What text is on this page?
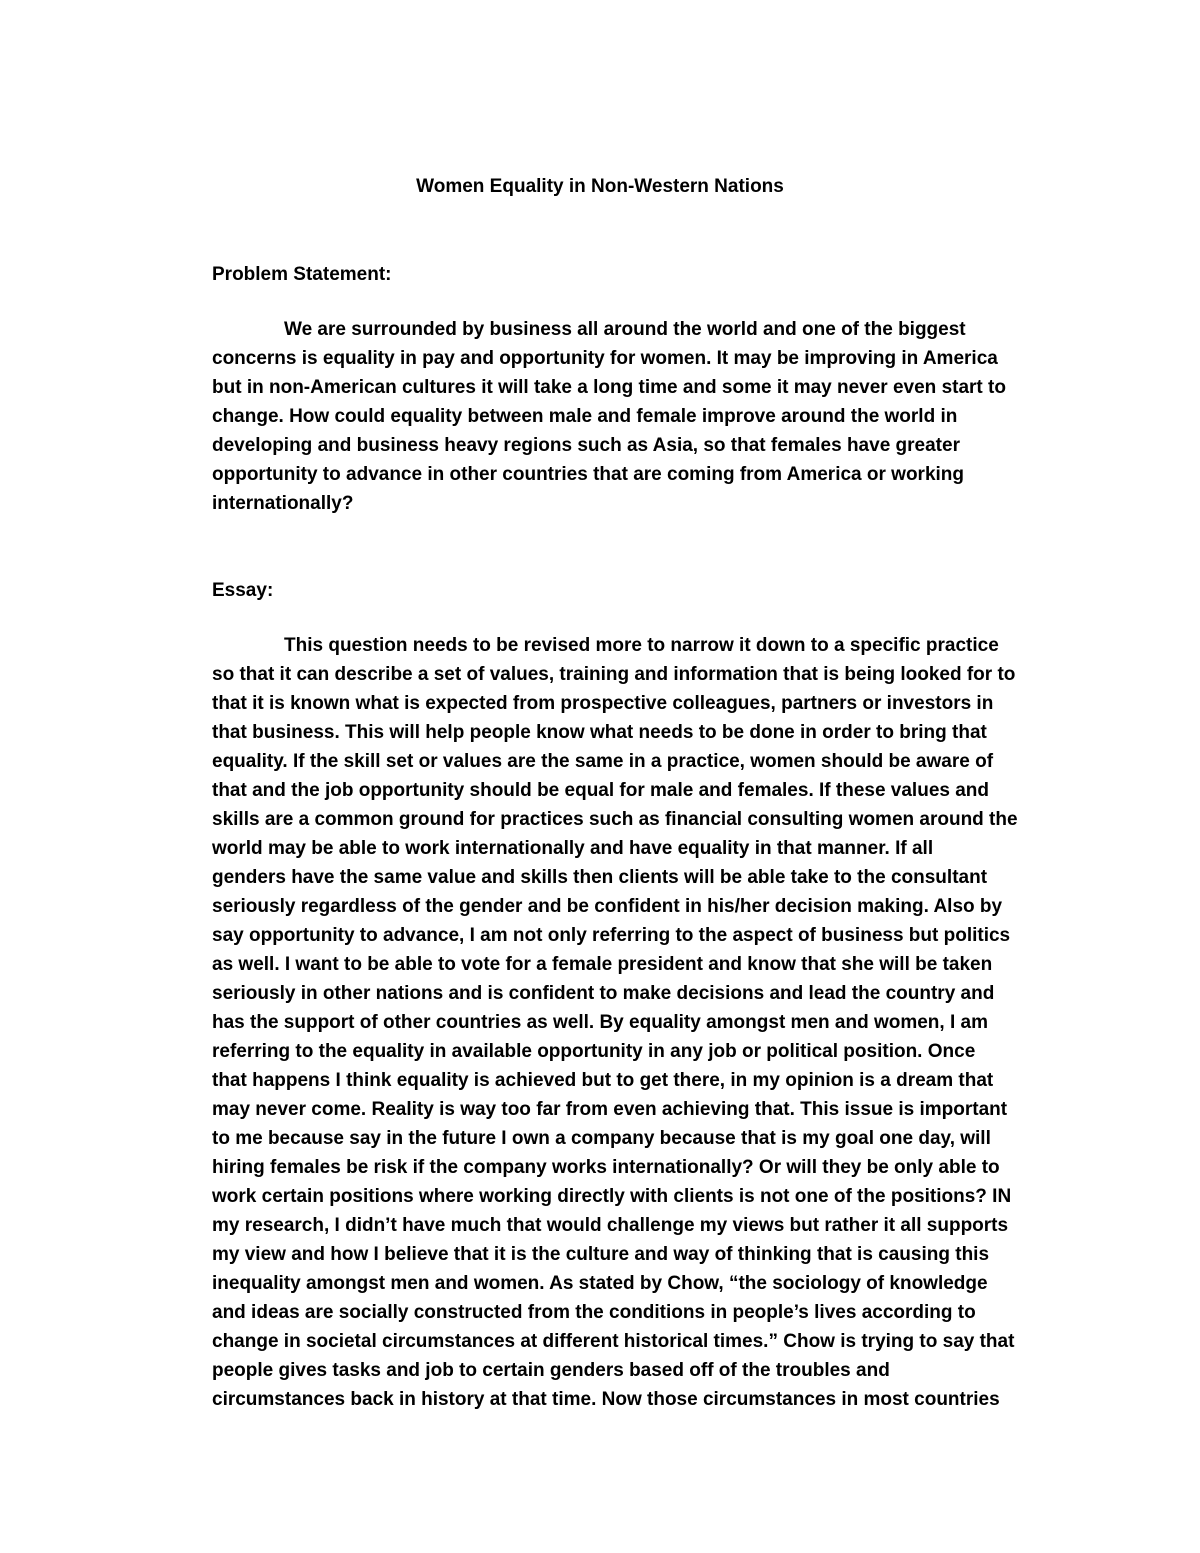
Women Equality in Non-Western Nations
Problem Statement:
We are surrounded by business all around the world and one of the biggest
concerns is equality in pay and opportunity for women. It may be improving in America
but in non-American cultures it will take a long time and some it may never even start to
change. How could equality between male and female improve around the world in
developing and business heavy regions such as Asia, so that females have greater
opportunity to advance in other countries that are coming from America or working
internationally?
Essay:
This question needs to be revised more to narrow it down to a specific practice
so that it can describe a set of values, training and information that is being looked for to
that it is known what is expected from prospective colleagues, partners or investors in
that business. This will help people know what needs to be done in order to bring that
equality. If the skill set or values are the same in a practice, women should be aware of
that and the job opportunity should be equal for male and females. If these values and
skills are a common ground for practices such as financial consulting women around the
world may be able to work internationally and have equality in that manner. If all
genders have the same value and skills then clients will be able take to the consultant
seriously regardless of the gender and be confident in his/her decision making. Also by
say opportunity to advance, I am not only referring to the aspect of business but politics
as well. I want to be able to vote for a female president and know that she will be taken
seriously in other nations and is confident to make decisions and lead the country and
has the support of other countries as well. By equality amongst men and women, I am
referring to the equality in available opportunity in any job or political position. Once
that happens I think equality is achieved but to get there, in my opinion is a dream that
may never come. Reality is way too far from even achieving that. This issue is important
to me because say in the future I own a company because that is my goal one day, will
hiring females be risk if the company works internationally? Or will they be only able to
work certain positions where working directly with clients is not one of the positions? IN
my research, I didn’t have much that would challenge my views but rather it all supports
my view and how I believe that it is the culture and way of thinking that is causing this
inequality amongst men and women. As stated by Chow, “the sociology of knowledge
and ideas are socially constructed from the conditions in people’s lives according to
change in societal circumstances at different historical times.” Chow is trying to say that
people gives tasks and job to certain genders based off of the troubles and
circumstances back in history at that time. Now those circumstances in most countries
